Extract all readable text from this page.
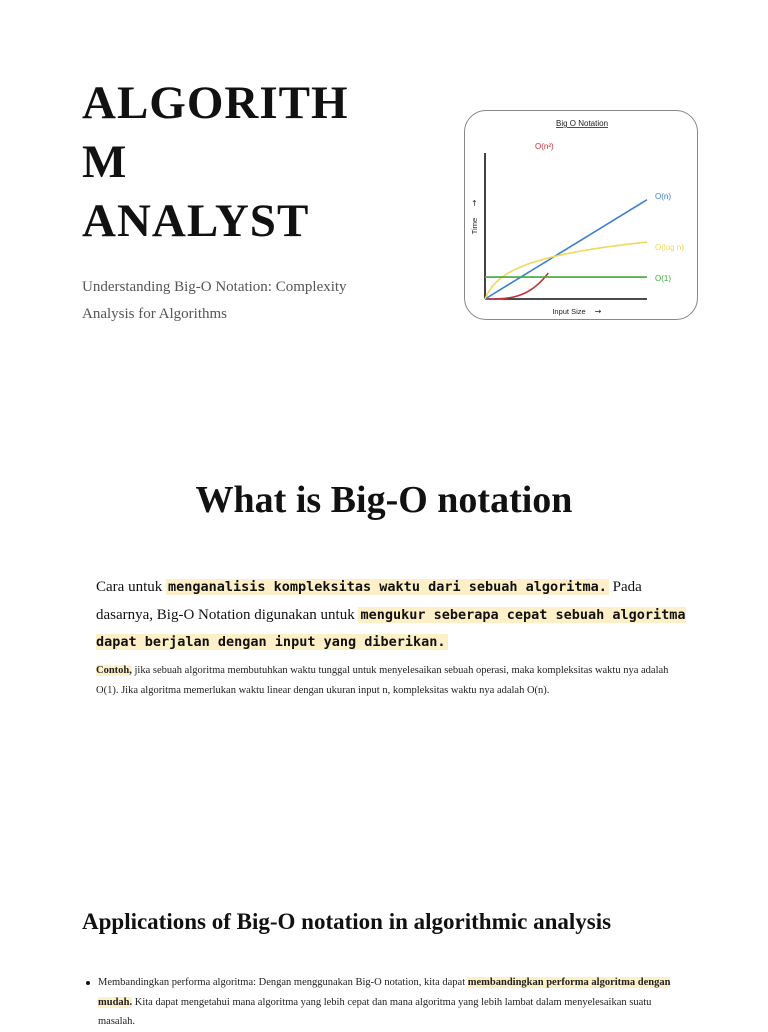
ALGORITH
M
ANALYST

Understanding Big-O Notation: Complexity Analysis for Algorithms

Big O Notation
O(n²)
O(n)
O(log n)
O(1)
Time
→
Input Size →
What is Big-O notation

Cara untuk menganalisis kompleksitas waktu dari sebuah algoritma. Pada dasarnya, Big-O Notation digunakan untuk mengukur seberapa cepat sebuah algoritma dapat berjalan dengan input yang diberikan.

Contoh, jika sebuah algoritma membutuhkan waktu tunggal untuk menyelesaikan sebuah operasi, maka kompleksitas waktu nya adalah O(1). Jika algoritma memerlukan waktu linear dengan ukuran input n, kompleksitas waktu nya adalah O(n).

Applications of Big-O notation in algorithmic analysis
Membandingkan performa algoritma: Dengan menggunakan Big-O notation, kita dapat membandingkan performa algoritma dengan mudah. Kita dapat mengetahui mana algoritma yang lebih cepat dan mana algoritma yang lebih lambat dalam menyelesaikan suatu masalah.
